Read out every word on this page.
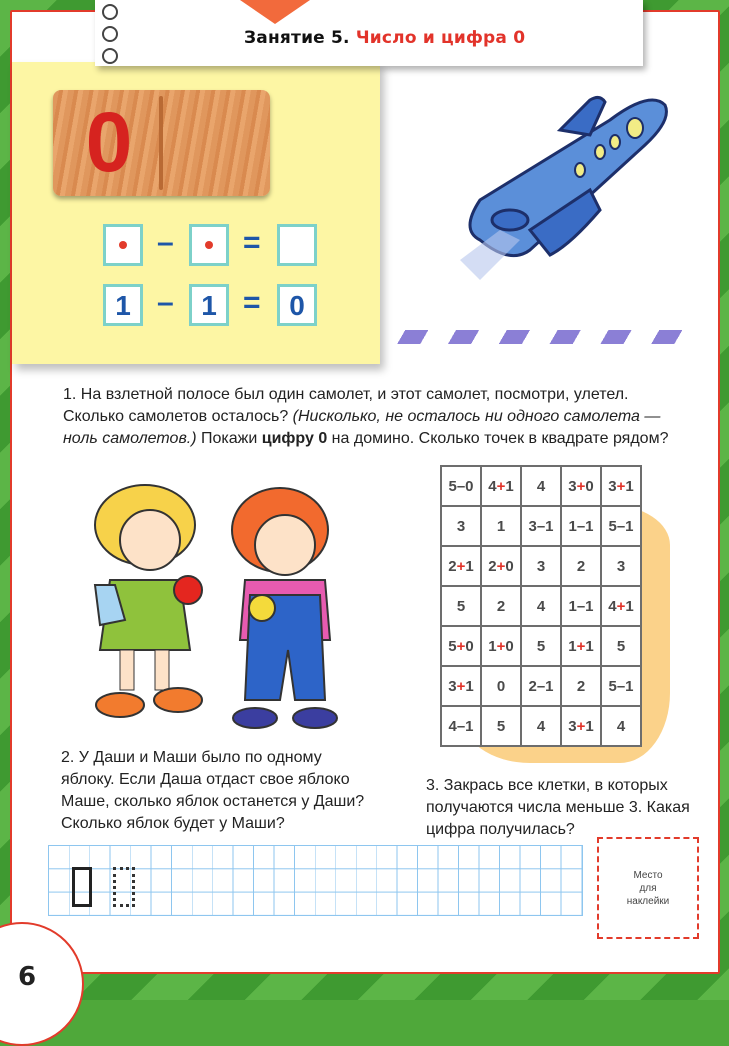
Занятие 5. Число и цифра 0
0
– =
1 – 1 =	0
1. На взлетной полосе был один самолет, и этот самолет, посмотри, улетел.
Сколько самолетов осталось? (Нисколько, не осталось ни одного самолета —
ноль самолетов.) Покажи цифру 0 на домино. Сколько точек в квадрате рядом?
5–0	4+1	4	3+0	3+1
3	1	3–1	1–1	5–1
2+1	2+0	3	2	3
5	2	4	1–1	4+1
5+0	1+0	5	1+1	5
3+1	0	2–1	2	5–1
4–1	5	4	3+1	4
2. У Даши и Маши было по одному
яблоку. Если Даша отдаст свое яблоко
Маше, сколько яблок останется у Даши?
Сколько яблок будет у Маши?
3. Закрась все клетки, в которых
получаются числа меньше 3. Какая
цифра получилась?
Место
для
наклейки
6
